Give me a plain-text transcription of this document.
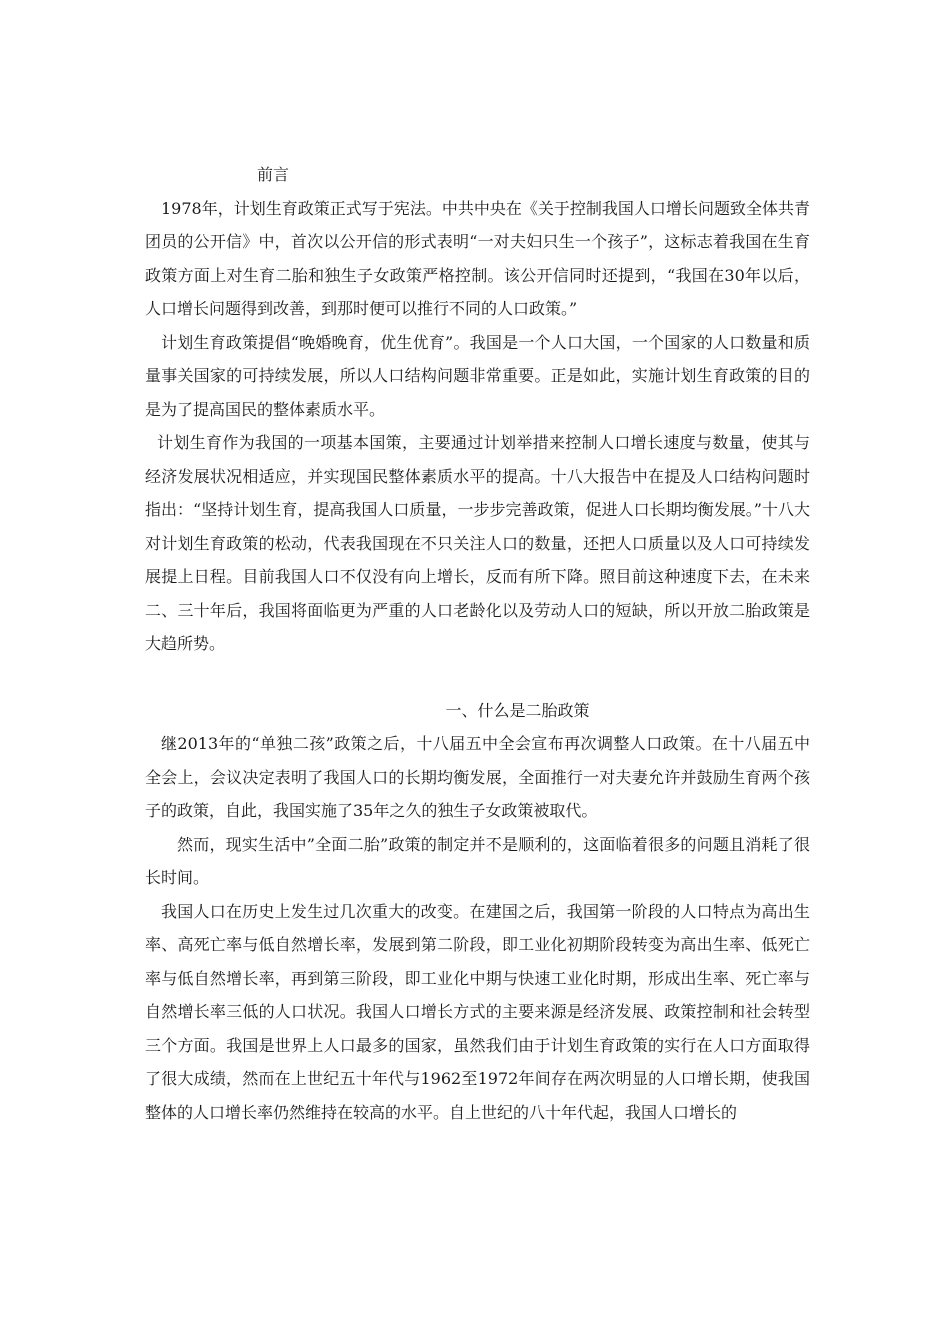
前言

1978年，计划生育政策正式写于宪法。中共中央在《关于控制我国人口增长问题致全体共青团员的公开信》中，首次以公开信的形式表明“一对夫妇只生一个孩子”，这标志着我国在生育政策方面上对生育二胎和独生子女政策严格控制。该公开信同时还提到，“我国在30年以后，人口增长问题得到改善，到那时便可以推行不同的人口政策。”

计划生育政策提倡“晚婚晚育，优生优育”。我国是一个人口大国，一个国家的人口数量和质量事关国家的可持续发展，所以人口结构问题非常重要。正是如此，实施计划生育政策的目的是为了提高国民的整体素质水平。

计划生育作为我国的一项基本国策，主要通过计划举措来控制人口增长速度与数量，使其与经济发展状况相适应，并实现国民整体素质水平的提高。十八大报告中在提及人口结构问题时指出：“坚持计划生育，提高我国人口质量，一步步完善政策，促进人口长期均衡发展。”十八大对计划生育政策的松动，代表我国现在不只关注人口的数量，还把人口质量以及人口可持续发展提上日程。目前我国人口不仅没有向上增长，反而有所下降。照目前这种速度下去，在未来二、三十年后，我国将面临更为严重的人口老龄化以及劳动人口的短缺，所以开放二胎政策是大趋所势。

一、什么是二胎政策

继2013年的“单独二孩”政策之后，十八届五中全会宣布再次调整人口政策。在十八届五中全会上，会议决定表明了我国人口的长期均衡发展，全面推行一对夫妻允许并鼓励生育两个孩子的政策，自此，我国实施了35年之久的独生子女政策被取代。

然而，现实生活中”全面二胎”政策的制定并不是顺利的，这面临着很多的问题且消耗了很长时间。

我国人口在历史上发生过几次重大的改变。在建国之后，我国第一阶段的人口特点为高出生率、高死亡率与低自然增长率，发展到第二阶段，即工业化初期阶段转变为高出生率、低死亡率与低自然增长率，再到第三阶段，即工业化中期与快速工业化时期，形成出生率、死亡率与自然增长率三低的人口状况。我国人口增长方式的主要来源是经济发展、政策控制和社会转型三个方面。我国是世界上人口最多的国家，虽然我们由于计划生育政策的实行在人口方面取得了很大成绩，然而在上世纪五十年代与1962至1972年间存在两次明显的人口增长期，使我国整体的人口增长率仍然维持在较高的水平。自上世纪的八十年代起，我国人口增长的
